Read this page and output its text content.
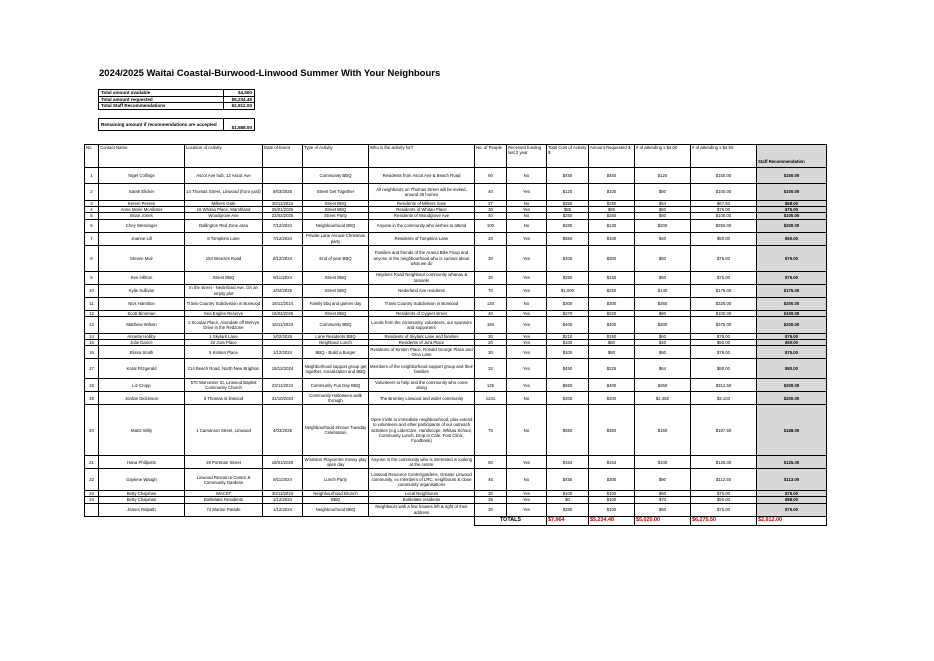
2024/2025 Waitai Coastal-Burwood-Linwood Summer With Your Neighbours
Total amount available	$4,500
Total amount requested	$5,234.48
Total Staff Recommendations	$2,912.00

Remaining amount if recommendations are accepted	$1,588.00
No	Contact Name	Location of Activity	Date of Event	Type of Activity	Who is the activity for?	No. of People	Received funding last 2 year	Total Cost of Activity $	Amount Requested $	# of attending x $2.00	# of attending x $2.50	Staff Recommendation
1	Nigel Collings	Ascot Ave hub, 12 Ascot Ave		Community BBQ	Residents from Ascot Ave & Beach Road	60	No	$450	$450	$120	$150.00	$150.00
2	Sarah Elicker	14 Thomas Street, Linwood (front yard)	9/03/2025	Street Get Together	All neighbours on Thomas Street will be invited, around 35 homes	40	Yes	$120	$100	$80	$100.00	$100.00
3	Kerem Persen	Milkers Gate	30/11/2024	Street BBQ	Residents of Milkers Gate	27	No	$250	$250	$54	$67.50	$68.00
4	Anne Marie McAllister	16 Whitau Place, Marshland	26/01/2025	Street BBQ	Residents of Whitau Place	30	Yes	$85	$85	$60	$75.00	$75.00
5	Brian Jones	Woodgrove Ave	22/02/2025	Street Party	Residents of Woodgrove Ave	40	No	$250	$250	$80	$100.00	$100.00
6	Chey Wessinger	Dallington Red Zone area	7/12/2024	Neighbourhood BBQ	Anyone in the community who wishes to attend	100	No	$280	$130	$200	$250.00	$200.00
7	Joanne Lill	8 Tompkins Lane	7/12/2024	Private Lane Annual Christmas party	Residents of Tompkins Lane	20	Yes	$550	$100	$40	$50.00	$50.00
8	Steven Muir	153 Breezes Road	5/12/2024	End of year BBQ	Families and friends of the Aranui Bike Fixup and anyone in the neighbourhood who is curious about what we do	30	Yes	$400	$300	$60	$75.00	$75.00
9	Ken Hillson	Street BBQ	9/11/2024	Street BBQ	Heydens Road Neighbour community whanau & tamariki	30	Yes	$250	$150	$60	$75.00	$75.00
10	Kylie Sullivan	In the street - Nederland Ave. On an empty plot	1/02/2025	Street BBQ	Nederland Ave residents	70	Yes	$1,000	$250	$140	$175.00	$175.00
11	Nick Hamilton	Travis Country Subdivision in Burwood	16/11/2024	Family bbq and games day	Travis Country Subdivision in Burwood	130	No	$300	$300	$260	$325.00	$200.00
12	Scott Binnman	Sea Eagles Reserve	16/02/2025	Street BBQ	Residents of Cygnet street	40	Yes	$270	$220	$80	$100.00	$100.00
13	Matthew Wilson	1 Scoular Place, Avondale off Mervyn Drive in the Redzone	16/11/2024	Community BBQ	Locals from the community, volunteers, our sponsors and supporters	150	Yes	$400	$400	$300	$375.00	$200.00
14	Annette Hobby	1 Skylark Lane	1/02/2025	Lane Residents BBQ	Residents of Skylark Lane and families	30	Yes	$210	$150	$60	$75.00	$75.00
15	Julie Dance	22 Jura Place		Neighbour Lunch	Residents of Jura Place	20	Yes	$100	$80	$40	$50.00	$50.00
16	Elissa Smith	5 Kirsten Place	1/12/2024	BBQ - Build a Burger	Residents of Kirsten Place, Ronald George Place and Orca Lane	30	Yes	$100	$80	$60	$75.00	$75.00
17	Koral Fitzgerald	214 Beach Road, North New Brighton	15/12/2024	Neighborhood support group get together, socialization and BBQ	Members of the neighborhood support group and their families	32	Yes	$450	$225	$64	$80.00	$80.00
18	Liz Cropp	570 Worcester St, Linwood Baptist Community Church	23/11/2024	Community Fun Day BBQ	Volunteers to help and the community who come along	125	Yes	$650	$400	$250	$312.50	$200.00
19	Jordan Dickinson	5 Thomas st linwood	31/10/2024	Community Halloween walk through	The Bromley Linwood and wider community	1241	No	$200	$200	$2,482	$3,103	$200.00
20	Martz Willy	1 Carnarvon Street, Linwood	4/03/2025	Neighbourhood Shrove Tuesday Celebration	Open invite to immediate neighbourhood, plus extend to volunteers and other participants of our outreach activities (e.g LiderCare, Handscope, Whitau School, Community Lunch, Drop In Cafe, Foot Clinic, Foodbank)	75	No	$650	$350	$150	$187.50	$188.00
21	Hana Phillpotts	29 Portman Street	18/01/2025	Woolston Playcentre messy play open day	Anyone in the community who is interested in looking at the centre	50	Yes	$164	$164	$100	$125.00	$125.00
22	Gaylene Waugh	Linwood Resource Centre & Community Gardens	9/11/2024	Lunch Party	Linwood Resource Centre/gardens, Greater Linwood community, ex members of LRC, neighbours & close community organisations	45	No	$455	$300	$90	$112.50	$113.00
23	Betty Chapman	WACST	30/11/2024	Neighbourhood Brunch	Local Neighbours	30	Yes	$100	$100	$60	$75.00	$75.00
24	Betty Chapman	Bottlelake Residents	1/12/2024	BBQ	Bottlelake residents	35	Yes	$0	$100	$70	$50.00	$88.00
	James Ridpath	74 Marine Parade	1/12/2024	Neighbourhood BBQ	Neighbours with a few houses left & right of their address	30	Yes	$280	$100	$60	$75.00	$75.00
						TOTALS		$7,964	$5,234.48	$5,020.00	$6,275.50	$2,912.00
